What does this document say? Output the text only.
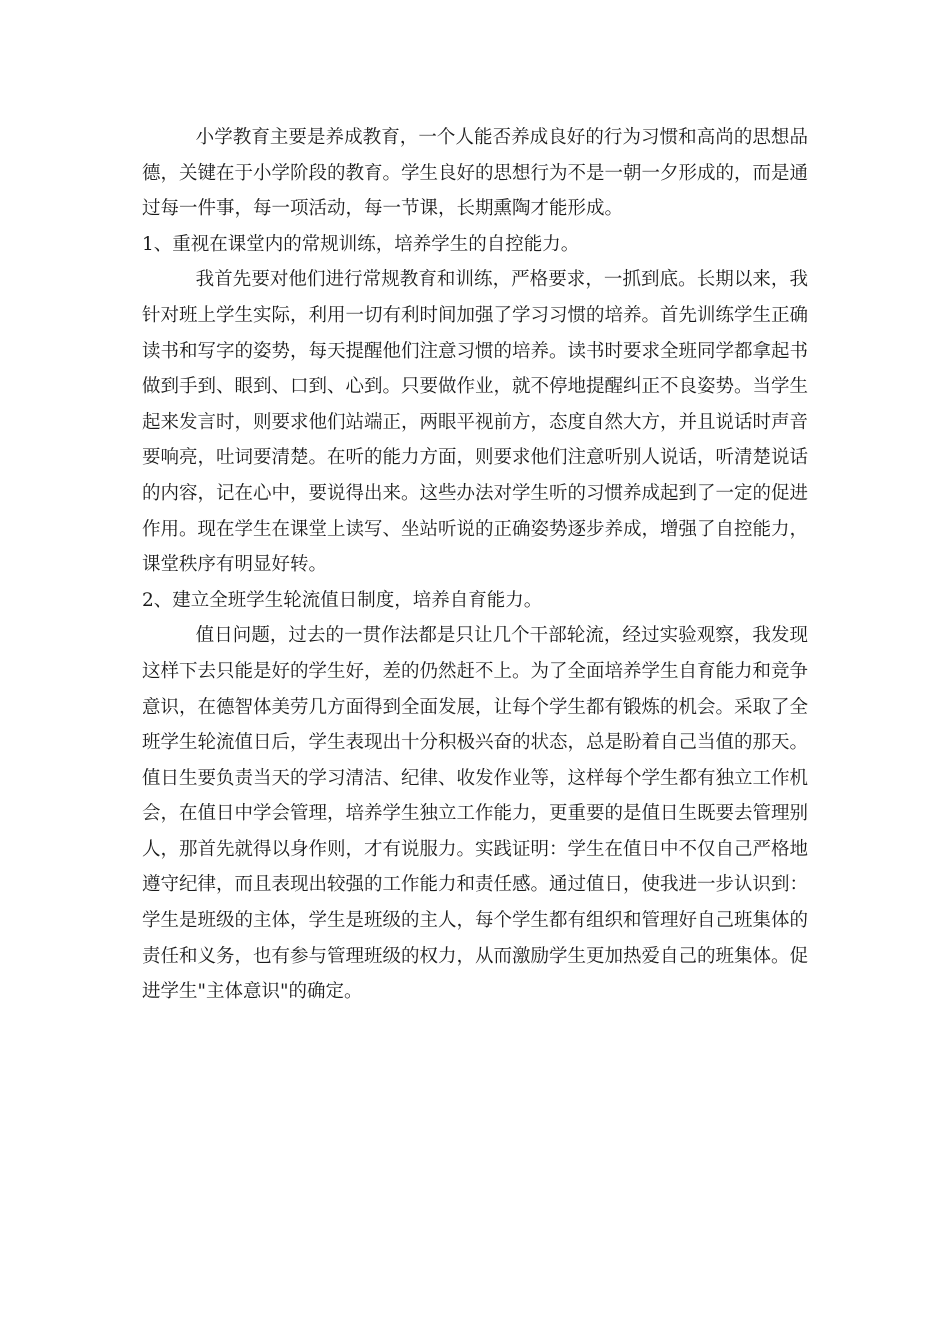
小学教育主要是养成教育，一个人能否养成良好的行为习惯和高尚的思想品德，关键在于小学阶段的教育。学生良好的思想行为不是一朝一夕形成的，而是通过每一件事，每一项活动，每一节课，长期熏陶才能形成。

1、重视在课堂内的常规训练，培养学生的自控能力。

我首先要对他们进行常规教育和训练，严格要求，一抓到底。长期以来，我针对班上学生实际，利用一切有利时间加强了学习习惯的培养。首先训练学生正确读书和写字的姿势，每天提醒他们注意习惯的培养。读书时要求全班同学都拿起书做到手到、眼到、口到、心到。只要做作业，就不停地提醒纠正不良姿势。当学生起来发言时，则要求他们站端正，两眼平视前方，态度自然大方，并且说话时声音要响亮，吐词要清楚。在听的能力方面，则要求他们注意听别人说话，听清楚说话的内容，记在心中，要说得出来。这些办法对学生听的习惯养成起到了一定的促进作用。现在学生在课堂上读写、坐站听说的正确姿势逐步养成，增强了自控能力，课堂秩序有明显好转。

2、建立全班学生轮流值日制度，培养自育能力。

值日问题，过去的一贯作法都是只让几个干部轮流，经过实验观察，我发现这样下去只能是好的学生好，差的仍然赶不上。为了全面培养学生自育能力和竞争意识，在德智体美劳几方面得到全面发展，让每个学生都有锻炼的机会。采取了全班学生轮流值日后，学生表现出十分积极兴奋的状态，总是盼着自己当值的那天。值日生要负责当天的学习清洁、纪律、收发作业等，这样每个学生都有独立工作机会，在值日中学会管理，培养学生独立工作能力，更重要的是值日生既要去管理别人，那首先就得以身作则，才有说服力。实践证明：学生在值日中不仅自己严格地遵守纪律，而且表现出较强的工作能力和责任感。通过值日，使我进一步认识到：学生是班级的主体，学生是班级的主人，每个学生都有组织和管理好自己班集体的责任和义务，也有参与管理班级的权力，从而激励学生更加热爱自己的班集体。促进学生"主体意识"的确定。
